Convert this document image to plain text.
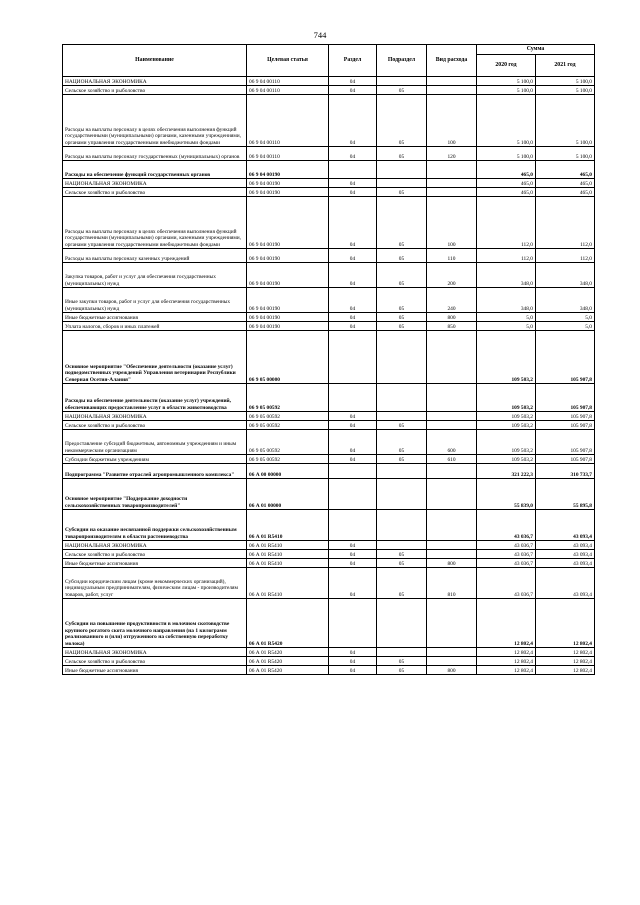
744
Наименование	Целевая статья	Раздел	Подраздел	Вид расхода	Сумма	
					2020 год	2021 год
НАЦИОНАЛЬНАЯ ЭКОНОМИКА	06 9 04 00110	04			5 100,0	5 100,0
Сельское хозяйство и рыболовство	06 9 04 00110	04	05		5 100,0	5 100,0
Расходы на выплаты персоналу в целях обеспечения выполнения функций государственными (муниципальными) органами, казенными учреждениями, органами управления государственными внебюджетными фондами	06 9 04 00110	04	05	100	5 100,0	5 100,0
Расходы на выплаты персоналу государственных (муниципальных) органов	06 9 04 00110	04	05	120	5 100,0	5 100,0
Расходы на обеспечение функций государственных органов	06 9 04 00190				465,0	465,0
НАЦИОНАЛЬНАЯ ЭКОНОМИКА	06 9 04 00190	04			465,0	465,0
Сельское хозяйство и рыболовство	06 9 04 00190	04	05		465,0	465,0
Расходы на выплаты персоналу в целях обеспечения выполнения функций государственными (муниципальными) органами, казенными учреждениями, органами управления государственными внебюджетными фондами	06 9 04 00190	04	05	100	112,0	112,0
Расходы на выплаты персоналу казенных учреждений	06 9 04 00190	04	05	110	112,0	112,0
Закупка товаров, работ и услуг для обеспечения государственных (муниципальных) нужд	06 9 04 00190	04	05	200	348,0	348,0
Иные закупки товаров, работ и услуг для обеспечения государственных (муниципальных) нужд	06 9 04 00190	04	05	240	348,0	348,0
Иные бюджетные ассигнования	06 9 04 00190	04	05	800	5,0	5,0
Уплата налогов, сборов и иных платежей	06 9 04 00190	04	05	850	5,0	5,0
Основное мероприятие "Обеспечение деятельности (оказание услуг) подведомственных учреждений Управления ветеринарии Республики Северная Осетия-Алания"	06 9 05 00000				109 503,2	105 907,8
Расходы на обеспечение деятельности (оказание услуг) учреждений, обеспечивающих предоставление услуг в области животноводства	06 9 05 00592				109 503,2	105 907,8
НАЦИОНАЛЬНАЯ ЭКОНОМИКА	06 9 05 00592	04			109 503,2	105 907,8
Сельское хозяйство и рыболовство	06 9 05 00592	04	05		109 503,2	105 907,8
Предоставление субсидий бюджетным, автономным учреждениям и иным некоммерческим организациям	06 9 05 00592	04	05	600	109 503,2	105 907,8
Субсидии бюджетным учреждениям	06 9 05 00592	04	05	610	109 503,2	105 907,8
Подпрограмма "Развитие отраслей агропромышленного комплекса"	06 А 00 00000				321 222,3	310 733,7
Основное мероприятие "Поддержание доходности сельскохозяйственных товаропроизводителей"	06 А 01 00000				55 839,0	55 895,8
Субсидии на оказание несвязанной поддержки сельскохозяйственным товаропроизводителям в области растениеводства	06 А 01 R5410				43 036,7	43 093,4
НАЦИОНАЛЬНАЯ ЭКОНОМИКА	06 А 01 R5410	04			43 036,7	43 093,4
Сельское хозяйство и рыболовство	06 А 01 R5410	04	05		43 036,7	43 093,4
Иные бюджетные ассигнования	06 А 01 R5410	04	05	800	43 036,7	43 093,4
Субсидии юридическим лицам (кроме некоммерческих организаций), индивидуальным предпринимателям, физическим лицам - производителям товаров, работ, услуг	06 А 01 R5410	04	05	810	43 036,7	43 093,4
Субсидии на повышение продуктивности в молочном скотоводстве крупного рогатого скота молочного направления (на 1 килограмм реализованного и (или) отгруженного на собственную переработку молока)	06 А 01 R5420				12 802,4	12 802,4
НАЦИОНАЛЬНАЯ ЭКОНОМИКА	06 А 01 R5420	04			12 802,4	12 802,4
Сельское хозяйство и рыболовство	06 А 01 R5420	04	05		12 802,4	12 802,4
Иные бюджетные ассигнования	06 А 01 R5420	04	05	800	12 802,4	12 802,4
